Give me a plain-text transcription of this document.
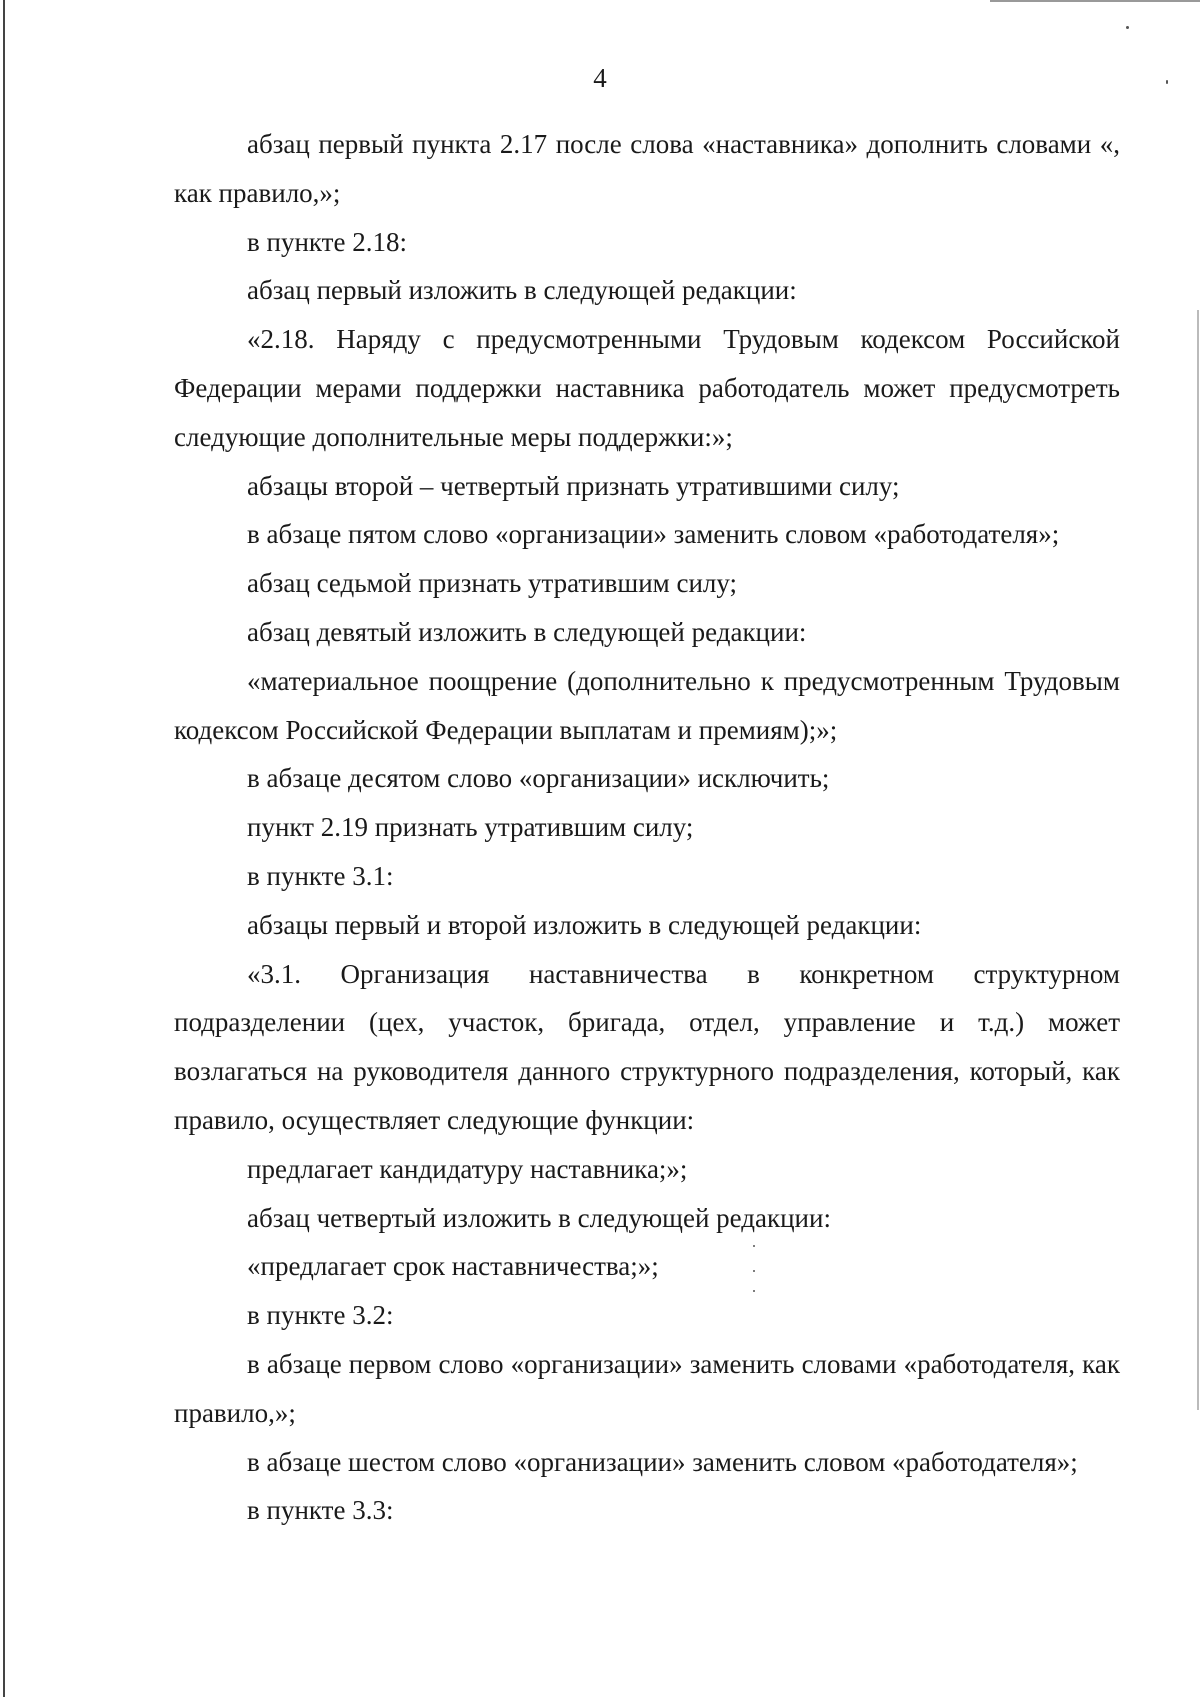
4

абзац первый пункта 2.17 после слова «наставника» дополнить словами «, как правило,»;

в пункте 2.18:

абзац первый изложить в следующей редакции:

«2.18. Наряду с предусмотренными Трудовым кодексом Российской Федерации мерами поддержки наставника работодатель может предусмотреть следующие дополнительные меры поддержки:»;

абзацы второй – четвертый признать утратившими силу;

в абзаце пятом слово «организации» заменить словом «работодателя»;

абзац седьмой признать утратившим силу;

абзац девятый изложить в следующей редакции:

«материальное поощрение (дополнительно к предусмотренным Трудовым кодексом Российской Федерации выплатам и премиям);»;

в абзаце десятом слово «организации» исключить;

пункт 2.19 признать утратившим силу;

в пункте 3.1:

абзацы первый и второй изложить в следующей редакции:

«3.1. Организация наставничества в конкретном структурном подразделении (цех, участок, бригада, отдел, управление и т.д.) может возлагаться на руководителя данного структурного подразделения, который, как правило, осуществляет следующие функции:

предлагает кандидатуру наставника;»;

абзац четвертый изложить в следующей редакции:

«предлагает срок наставничества;»;

в пункте 3.2:

в абзаце первом слово «организации» заменить словами «работодателя, как правило,»;

в абзаце шестом слово «организации» заменить словом «работодателя»;

в пункте 3.3:
